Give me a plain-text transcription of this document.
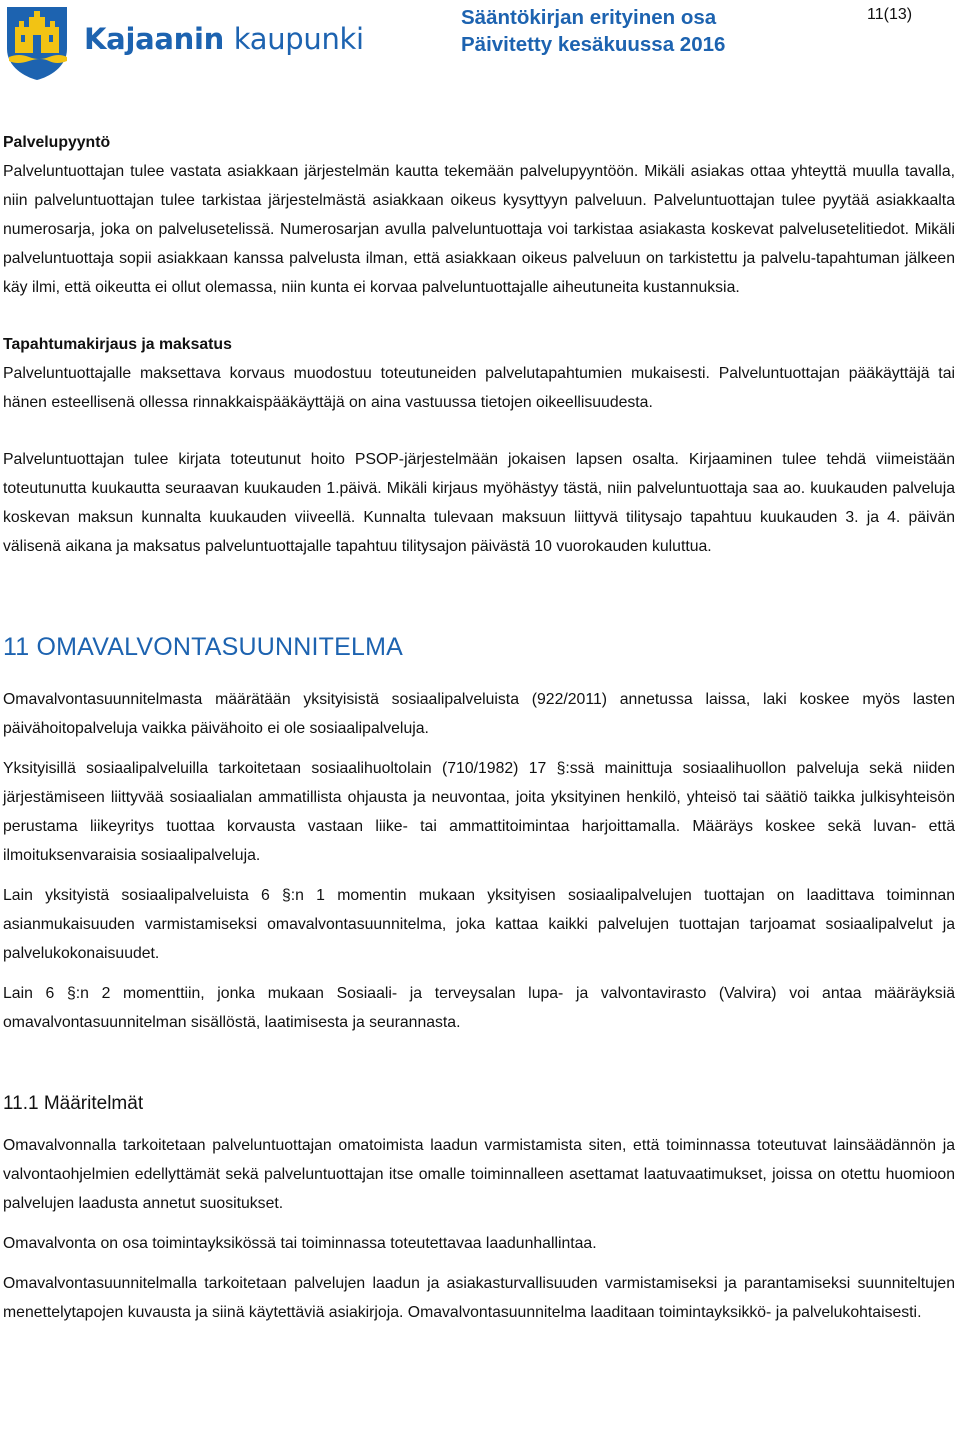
Kajaanin kaupunki
Sääntökirjan erityinen osa
Päivitetty kesäkuussa 2016
11(13)

Palvelupyyntö

Palveluntuottajan tulee vastata asiakkaan järjestelmän kautta tekemään palvelupyyntöön. Mikäli asiakas ottaa yhteyttä muulla tavalla, niin palveluntuottajan tulee tarkistaa järjestelmästä asiakkaan oikeus kysyttyyn palveluun. Palveluntuottajan tulee pyytää asiakkaalta numerosarja, joka on palvelusetelissä. Numerosarjan avulla palveluntuottaja voi tarkistaa asiakasta koskevat palvelusetelitiedot. Mikäli palveluntuottaja sopii asiakkaan kanssa palvelusta ilman, että asiakkaan oikeus palveluun on tarkistettu ja palvelu-tapahtuman jälkeen käy ilmi, että oikeutta ei ollut olemassa, niin kunta ei korvaa palveluntuottajalle aiheutuneita kustannuksia.

Tapahtumakirjaus ja maksatus

Palveluntuottajalle maksettava korvaus muodostuu toteutuneiden palvelutapahtumien mukaisesti. Palveluntuottajan pääkäyttäjä tai hänen esteellisenä ollessa rinnakkaispääkäyttäjä on aina vastuussa tietojen oikeellisuudesta.

Palveluntuottajan tulee kirjata toteutunut hoito PSOP-järjestelmään jokaisen lapsen osalta. Kirjaaminen tulee tehdä viimeistään toteutunutta kuukautta seuraavan kuukauden 1.päivä. Mikäli kirjaus myöhästyy tästä, niin palveluntuottaja saa ao. kuukauden palveluja koskevan maksun kunnalta kuukauden viiveellä. Kunnalta tulevaan maksuun liittyvä tilitysajo tapahtuu kuukauden 3. ja 4. päivän välisenä aikana ja maksatus palveluntuottajalle tapahtuu tilitysajon päivästä 10 vuorokauden kuluttua.

11 OMAVALVONTASUUNNITELMA

Omavalvontasuunnitelmasta määrätään yksityisistä sosiaalipalveluista (922/2011) annetussa laissa, laki koskee myös lasten päivähoitopalveluja vaikka päivähoito ei ole sosiaalipalveluja.

Yksityisillä sosiaalipalveluilla tarkoitetaan sosiaalihuoltolain (710/1982) 17 §:ssä mainittuja sosiaalihuollon palveluja sekä niiden järjestämiseen liittyvää sosiaalialan ammatillista ohjausta ja neuvontaa, joita yksityinen henkilö, yhteisö tai säätiö taikka julkisyhteisön perustama liikeyritys tuottaa korvausta vastaan liike- tai ammattitoimintaa harjoittamalla. Määräys koskee sekä luvan- että ilmoituksenvaraisia sosiaalipalveluja.

Lain yksityistä sosiaalipalveluista 6 §:n 1 momentin mukaan yksityisen sosiaalipalvelujen tuottajan on laadittava toiminnan asianmukaisuuden varmistamiseksi omavalvontasuunnitelma, joka kattaa kaikki palvelujen tuottajan tarjoamat sosiaalipalvelut ja palvelukokonaisuudet.

Lain 6 §:n 2 momenttiin, jonka mukaan Sosiaali- ja terveysalan lupa- ja valvontavirasto (Valvira) voi antaa määräyksiä omavalvontasuunnitelman sisällöstä, laatimisesta ja seurannasta.

11.1 Määritelmät

Omavalvonnalla tarkoitetaan palveluntuottajan omatoimista laadun varmistamista siten, että toiminnassa toteutuvat lainsäädännön ja valvontaohjelmien edellyttämät sekä palveluntuottajan itse omalle toiminnalleen asettamat laatuvaatimukset, joissa on otettu huomioon palvelujen laadusta annetut suositukset.

Omavalvonta on osa toimintayksikössä tai toiminnassa toteutettavaa laadunhallintaa.

Omavalvontasuunnitelmalla tarkoitetaan palvelujen laadun ja asiakasturvallisuuden varmistamiseksi ja parantamiseksi suunniteltujen menettelytapojen kuvausta ja siinä käytettäviä asiakirjoja. Omavalvontasuunnitelma laaditaan toimintayksikkö- ja palvelukohtaisesti.
